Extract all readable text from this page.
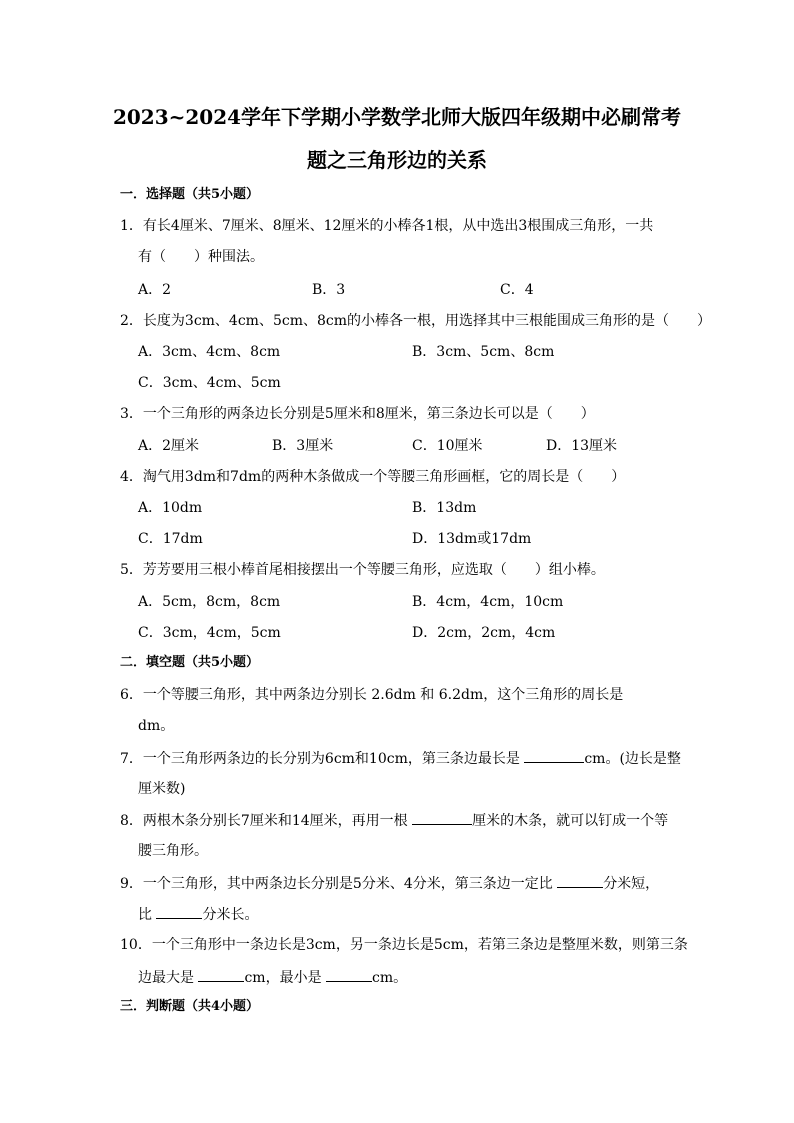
2023~2024学年下学期小学数学北师大版四年级期中必刷常考
题之三角形边的关系
一．选择题（共5小题）
1．有长4厘米、7厘米、8厘米、12厘米的小棒各1根，从中选出3根围成三角形，一共
有（ ）种围法。
A．2	B．3	C．4
2．长度为3cm、4cm、5cm、8cm的小棒各一根，用选择其中三根能围成三角形的是（ ）
A．3cm、4cm、8cm	B．3cm、5cm、8cm
C．3cm、4cm、5cm
3．一个三角形的两条边长分别是5厘米和8厘米，第三条边长可以是（ ）
A．2厘米	B．3厘米	C．10厘米	D．13厘米
4．淘气用3dm和7dm的两种木条做成一个等腰三角形画框，它的周长是（ ）
A．10dm	B．13dm
C．17dm	D．13dm或17dm
5．芳芳要用三根小棒首尾相接摆出一个等腰三角形，应选取（ ）组小棒。
A．5cm，8cm，8cm	B．4cm，4cm，10cm
C．3cm，4cm，5cm	D．2cm，2cm，4cm
二．填空题（共5小题）
6．一个等腰三角形，其中两条边分别长 2.6dm 和 6.2dm，这个三角形的周长是
dm。
7．一个三角形两条边的长分别为6cm和10cm，第三条边最长是	cm。(边长是整
厘米数)
8．两根木条分别长7厘米和14厘米，再用一根	厘米的木条，就可以钉成一个等
腰三角形。
9．一个三角形，其中两条边长分别是5分米、4分米，第三条边一定比	分米短，
比	分米长。
10．一个三角形中一条边长是3cm，另一条边长是5cm，若第三条边是整厘米数，则第三条
边最大是	cm，最小是	cm。
三．判断题（共4小题）
